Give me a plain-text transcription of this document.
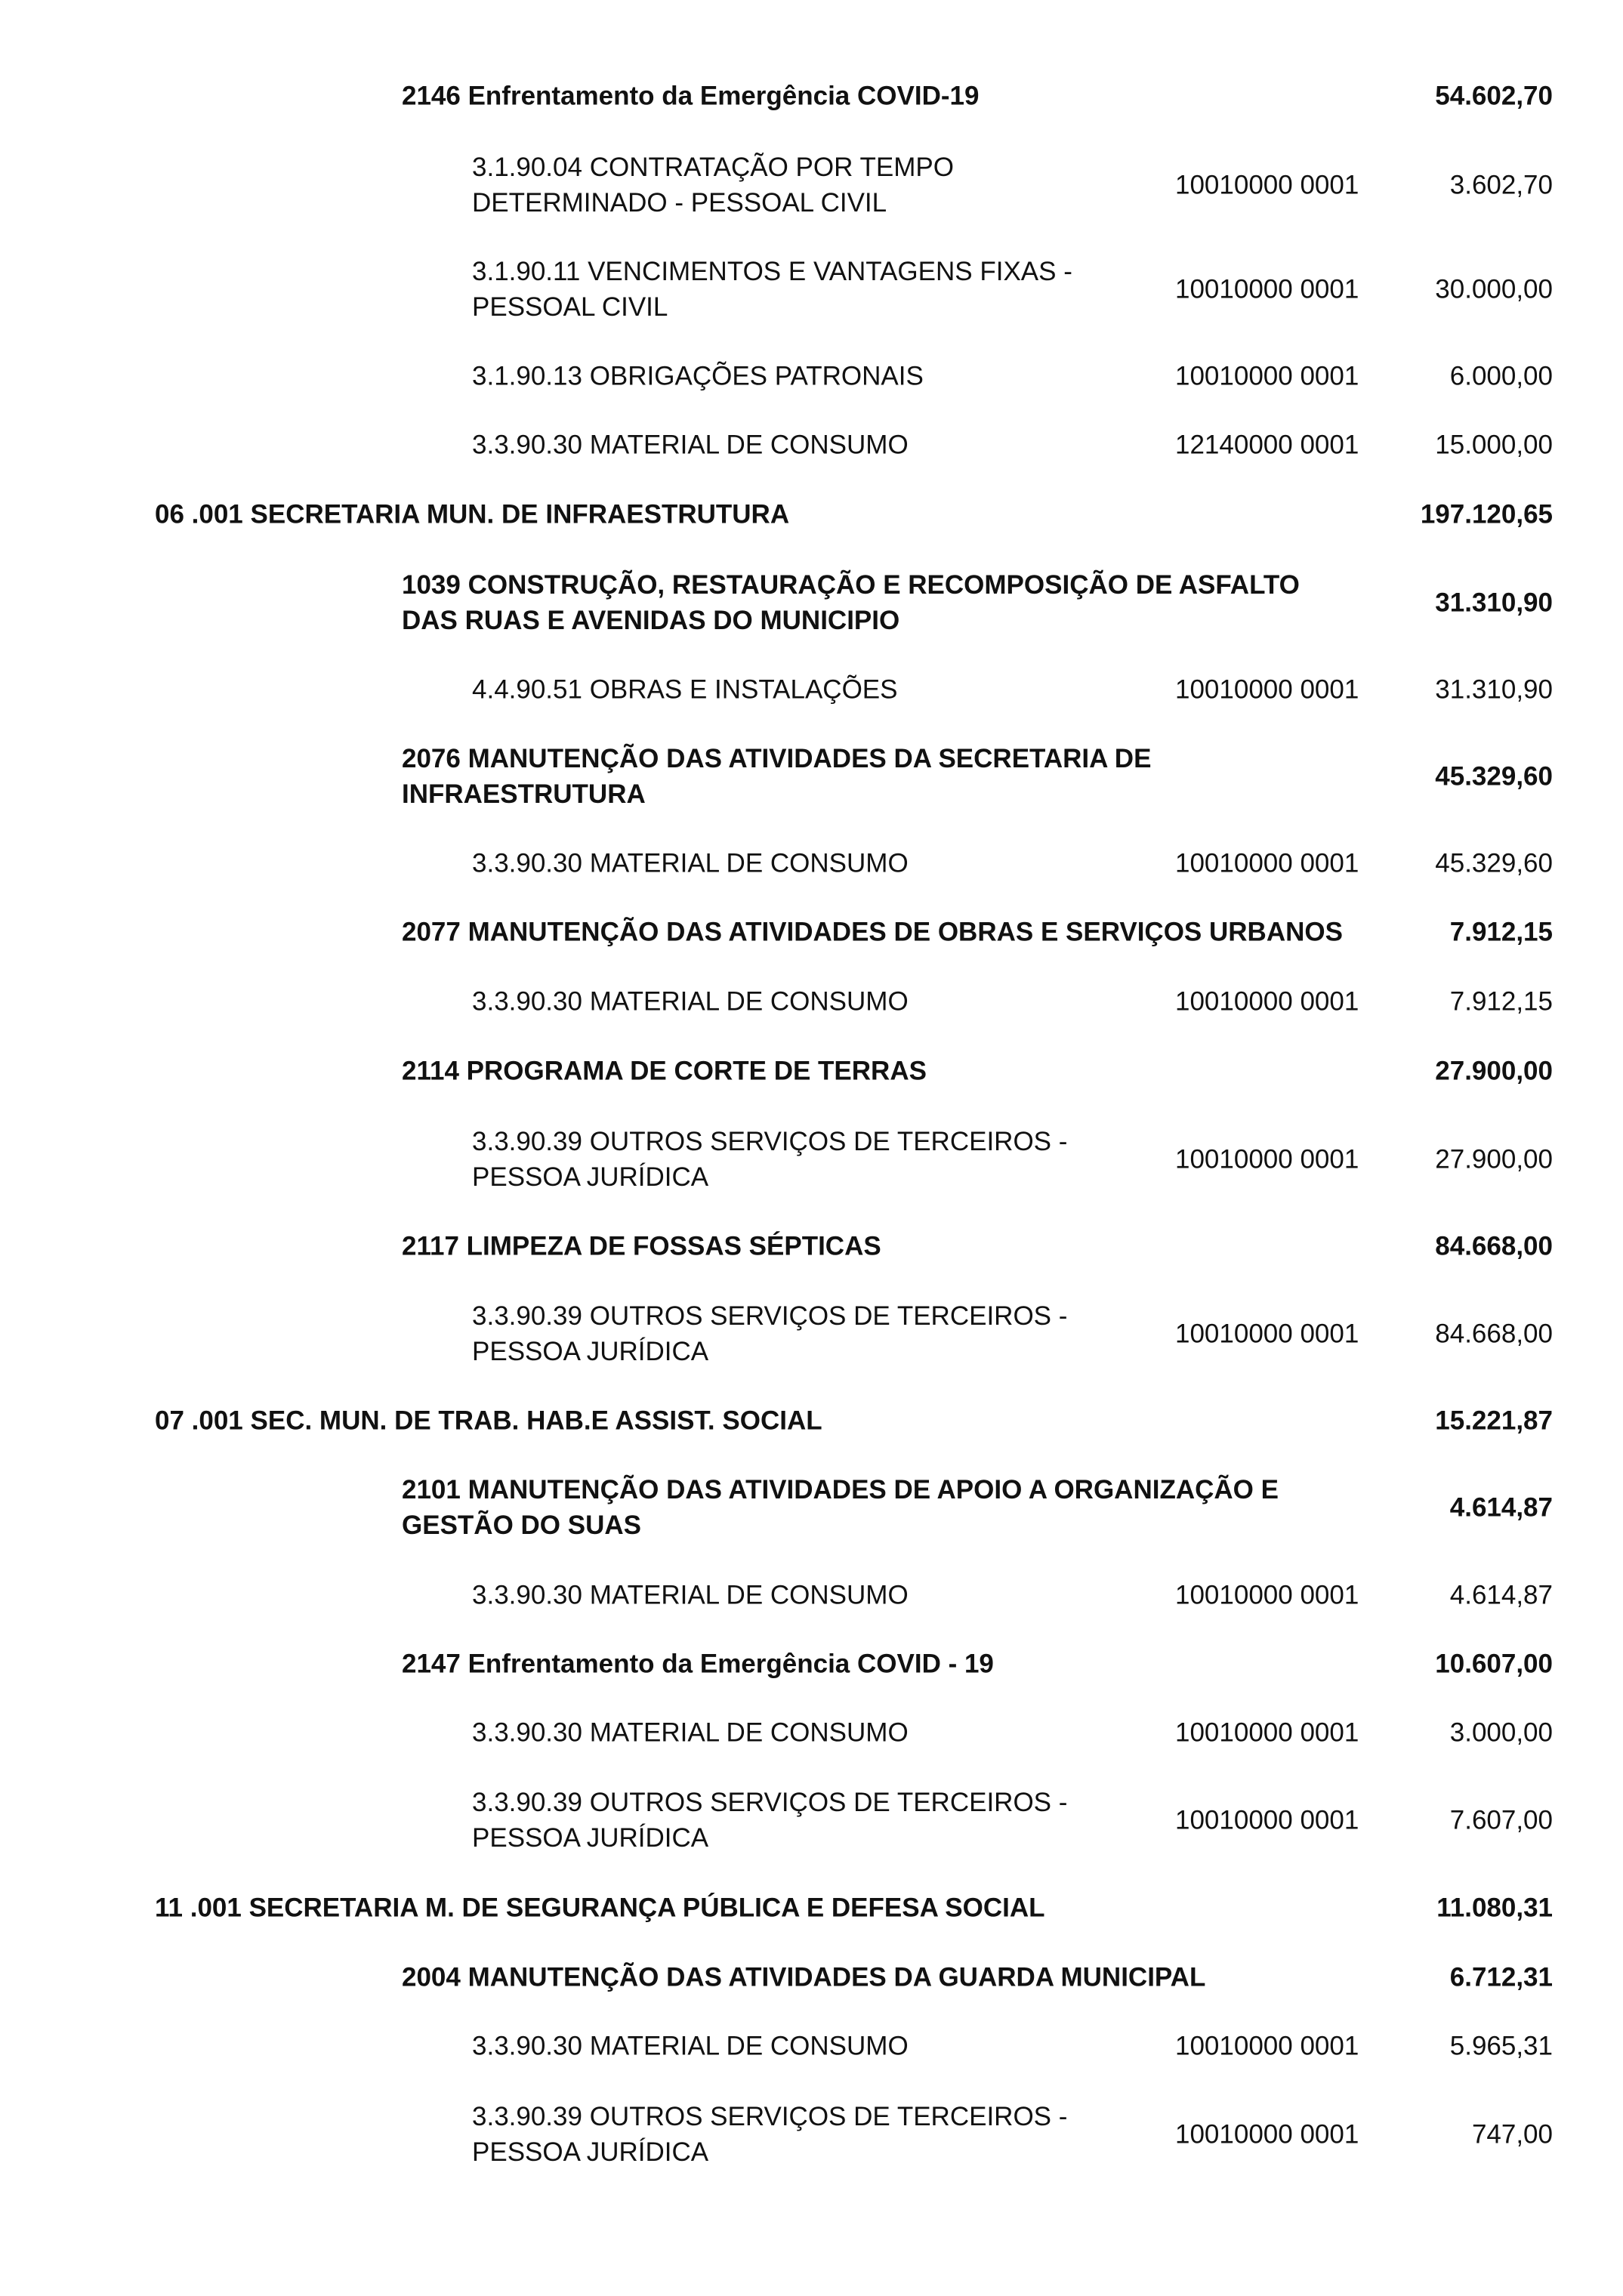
2146 Enfrentamento da Emergência COVID-19	54.602,70
3.1.90.04 CONTRATAÇÃO POR TEMPO
DETERMINADO - PESSOAL CIVIL
10010000 0001	3.602,70
3.1.90.11 VENCIMENTOS E VANTAGENS FIXAS -
PESSOAL CIVIL
10010000 0001	30.000,00
3.1.90.13 OBRIGAÇÕES PATRONAIS	10010000 0001	6.000,00
3.3.90.30 MATERIAL DE CONSUMO	12140000 0001	15.000,00
06 .001 SECRETARIA MUN. DE INFRAESTRUTURA	197.120,65
1039 CONSTRUÇÃO, RESTAURAÇÃO E RECOMPOSIÇÃO DE ASFALTO
DAS RUAS E AVENIDAS DO MUNICIPIO
31.310,90
4.4.90.51 OBRAS E INSTALAÇÕES	10010000 0001	31.310,90
2076 MANUTENÇÃO DAS ATIVIDADES DA SECRETARIA DE
INFRAESTRUTURA
45.329,60
3.3.90.30 MATERIAL DE CONSUMO	10010000 0001	45.329,60
2077 MANUTENÇÃO DAS ATIVIDADES DE OBRAS E SERVIÇOS URBANOS	7.912,15
3.3.90.30 MATERIAL DE CONSUMO	10010000 0001	7.912,15
2114 PROGRAMA DE CORTE DE TERRAS	27.900,00
3.3.90.39 OUTROS SERVIÇOS DE TERCEIROS -
PESSOA JURÍDICA
10010000 0001	27.900,00
2117 LIMPEZA DE FOSSAS SÉPTICAS	84.668,00
3.3.90.39 OUTROS SERVIÇOS DE TERCEIROS -
PESSOA JURÍDICA
10010000 0001	84.668,00
07 .001 SEC. MUN. DE TRAB. HAB.E ASSIST. SOCIAL	15.221,87
2101 MANUTENÇÃO DAS ATIVIDADES DE APOIO A ORGANIZAÇÃO E
GESTÃO DO SUAS
4.614,87
3.3.90.30 MATERIAL DE CONSUMO	10010000 0001	4.614,87
2147 Enfrentamento da Emergência COVID - 19	10.607,00
3.3.90.30 MATERIAL DE CONSUMO	10010000 0001	3.000,00
3.3.90.39 OUTROS SERVIÇOS DE TERCEIROS -
PESSOA JURÍDICA
10010000 0001	7.607,00
11 .001 SECRETARIA M. DE SEGURANÇA PÚBLICA E DEFESA SOCIAL	11.080,31
2004 MANUTENÇÃO DAS ATIVIDADES DA GUARDA MUNICIPAL	6.712,31
3.3.90.30 MATERIAL DE CONSUMO	10010000 0001	5.965,31
3.3.90.39 OUTROS SERVIÇOS DE TERCEIROS -
PESSOA JURÍDICA
10010000 0001	747,00
